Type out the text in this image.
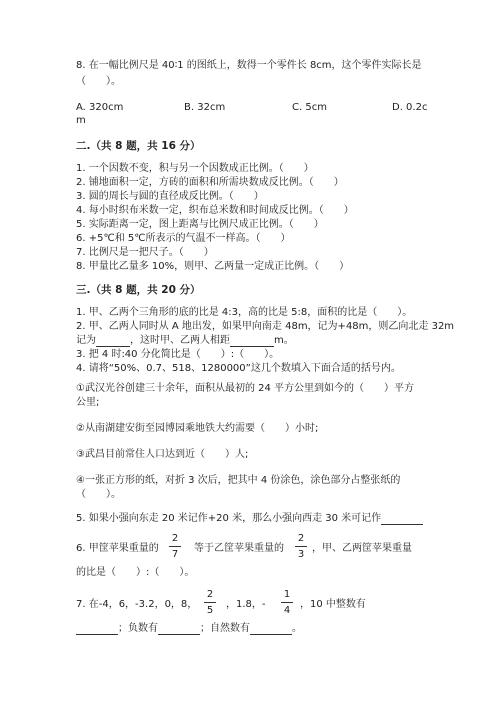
8. 在一幅比例尺是 40∶1 的图纸上，数得一个零件长 8cm，这个零件实际长是
（　　）。
A. 320cm	B. 32cm	C. 5cm	D. 0.2c
m
二.（共 8 题，共 16 分）
1. 一个因数不变，积与另一个因数成正比例。（　　）
2. 铺地面积一定，方砖的面积和所需块数成反比例。（　　）
3. 圆的周长与圆的直径成反比例。（　　）
4. 每小时织布米数一定，织布总米数和时间成反比例。（　　）
5. 实际距离一定，图上距离与比例尺成正比例。（　　）
6. +5℃和 5℃所表示的气温不一样高。（　　）
7. 比例尺是一把尺子。（　　）
8. 甲量比乙量多 10%，则甲、乙两量一定成正比例。（　　）
三.（共 8 题，共 20 分）
1. 甲、乙两个三角形的底的比是 4:3，高的比是 5:8，面积的比是（　　）。
2. 甲、乙两人同时从 A 地出发，如果甲向南走 48m，记为+48m，则乙向北走 32m
记为	，这时甲、乙两人相距	m。
3. 把 4 时:40 分化简比是（　　）:（　　）。
4. 请将“50%、0.7、518、1280000”这几个数填入下面合适的括号内。
①武汉光谷创建三十余年，面积从最初的 24 平方公里到如今的（　　）平方
公里;
②从南湖建安街至园博园乘地铁大约需要（　　）小时;
③武昌目前常住人口达到近（　　）人;
④一张正方形的纸，对折 3 次后，把其中 4 份涂色，涂色部分占整张纸的
（　　）。
5. 如果小强向东走 20 米记作+20 米，那么小强向西走 30 米可记作
6. 甲筐苹果重量的
2
7
等于乙筐苹果重量的
2
3
，甲、乙两筐苹果重量
的比是（　　）:（　　）。
7. 在-4，6，-3.2，0，8，
2
5
，1.8，-
1
4
，10 中整数有
；负数有	；自然数有	。
